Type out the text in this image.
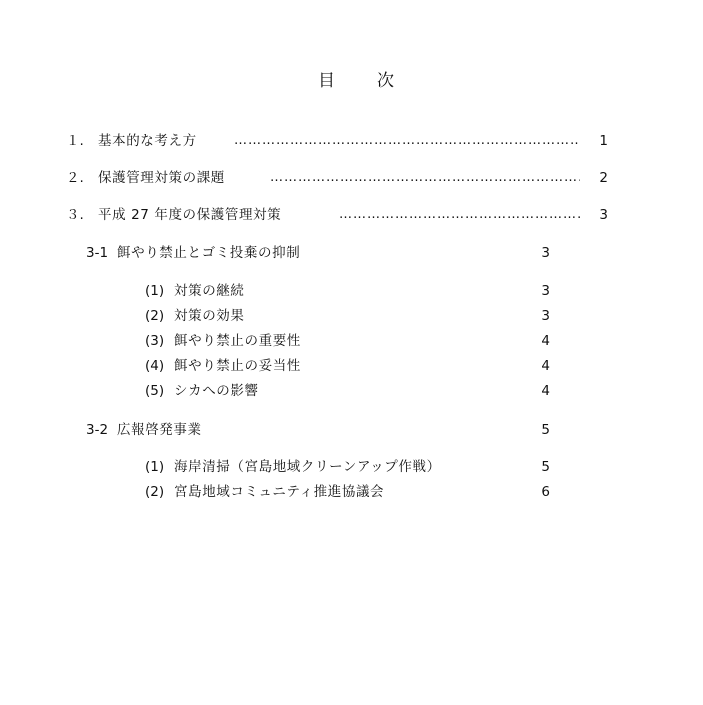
目 次
１. 基本的な考え方 ……………………………………………………………………………………………………………………	1
２. 保護管理対策の課題 ……………………………………………………………………………………………………………………	2
３. 平成 27 年度の保護管理対策 ……………………………………………………………………………………………………………………	3
3-1 餌やり禁止とゴミ投棄の抑制	3
(1) 対策の継続	3
(2) 対策の効果	3
(3) 餌やり禁止の重要性	4
(4) 餌やり禁止の妥当性	4
(5) シカへの影響	4
3-2 広報啓発事業	5
(1) 海岸清掃（宮島地域クリーンアップ作戦）	5
(2) 宮島地域コミュニティ推進協議会	6
